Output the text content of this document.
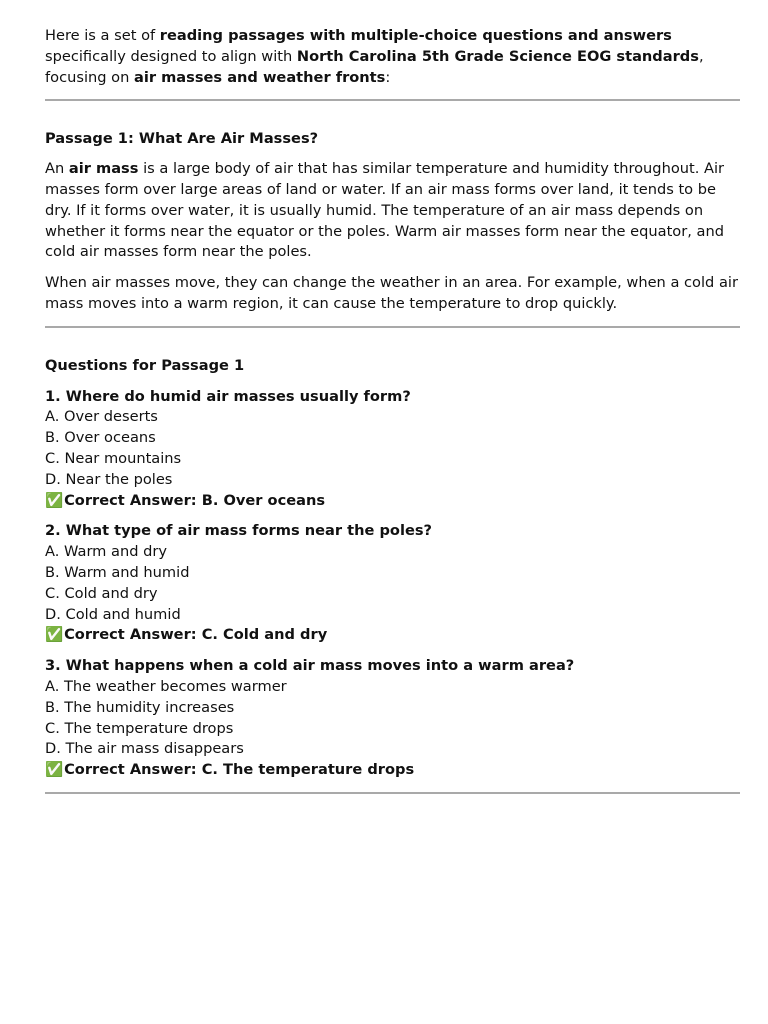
Here is a set of reading passages with multiple-choice questions and answers specifically designed to align with North Carolina 5th Grade Science EOG standards, focusing on air masses and weather fronts:

Passage 1: What Are Air Masses?

An air mass is a large body of air that has similar temperature and humidity throughout. Air masses form over large areas of land or water. If an air mass forms over land, it tends to be dry. If it forms over water, it is usually humid. The temperature of an air mass depends on whether it forms near the equator or the poles. Warm air masses form near the equator, and cold air masses form near the poles.

When air masses move, they can change the weather in an area. For example, when a cold air mass moves into a warm region, it can cause the temperature to drop quickly.

Questions for Passage 1

1. Where do humid air masses usually form?
A. Over deserts
B. Over oceans
C. Near mountains
D. Near the poles
✅ Correct Answer: B. Over oceans
2. What type of air mass forms near the poles?
A. Warm and dry
B. Warm and humid
C. Cold and dry
D. Cold and humid
✅ Correct Answer: C. Cold and dry
3. What happens when a cold air mass moves into a warm area?
A. The weather becomes warmer
B. The humidity increases
C. The temperature drops
D. The air mass disappears
✅ Correct Answer: C. The temperature drops
